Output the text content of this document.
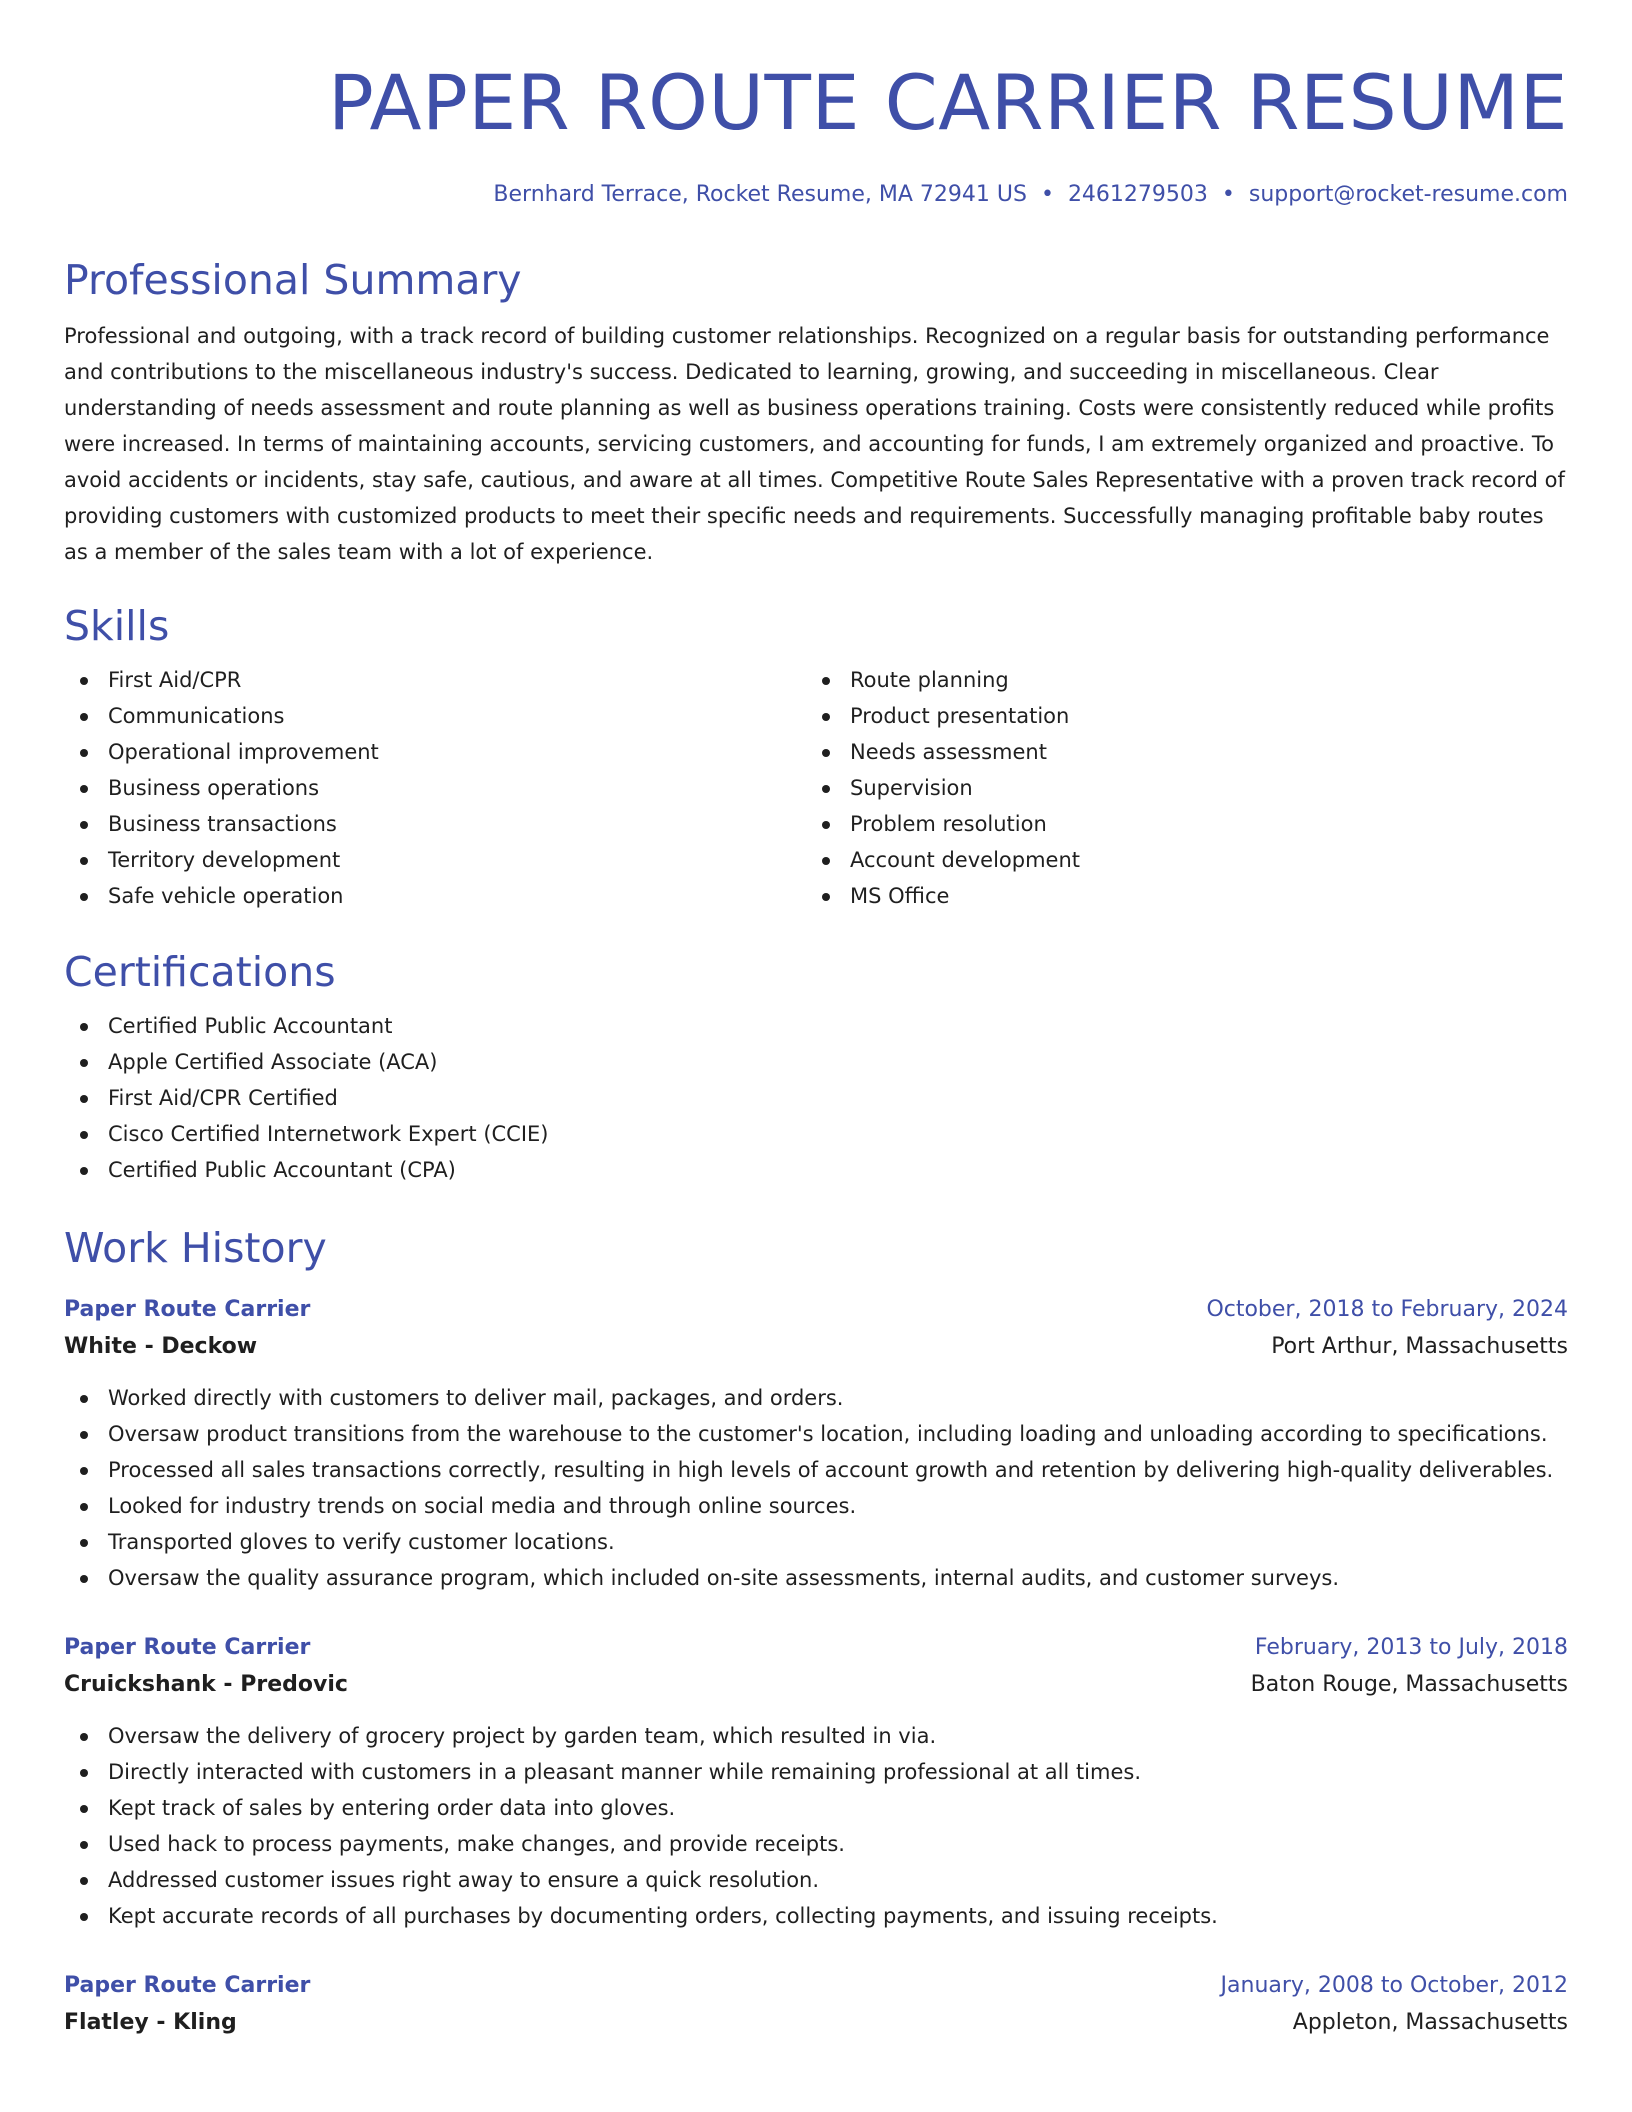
PAPER ROUTE CARRIER RESUME
Bernhard Terrace, Rocket Resume, MA 72941 US • 2461279503 • support@rocket-resume.com
Professional Summary

Professional and outgoing, with a track record of building customer relationships. Recognized on a regular basis for outstanding performance and contributions to the miscellaneous industry's success. Dedicated to learning, growing, and succeeding in miscellaneous. Clear understanding of needs assessment and route planning as well as business operations training. Costs were consistently reduced while profits were increased. In terms of maintaining accounts, servicing customers, and accounting for funds, I am extremely organized and proactive. To avoid accidents or incidents, stay safe, cautious, and aware at all times. Competitive Route Sales Representative with a proven track record of providing customers with customized products to meet their specific needs and requirements. Successfully managing profitable baby routes as a member of the sales team with a lot of experience.

Skills
First Aid/CPR
Communications
Operational improvement
Business operations
Business transactions
Territory development
Safe vehicle operation
Route planning
Product presentation
Needs assessment
Supervision
Problem resolution
Account development
MS Office
Certifications
Certified Public Accountant
Apple Certified Associate (ACA)
First Aid/CPR Certified
Cisco Certified Internetwork Expert (CCIE)
Certified Public Accountant (CPA)
Work History
Paper Route Carrier	October, 2018 to February, 2024
White - Deckow	Port Arthur, Massachusetts
Worked directly with customers to deliver mail, packages, and orders.
Oversaw product transitions from the warehouse to the customer's location, including loading and unloading according to specifications.
Processed all sales transactions correctly, resulting in high levels of account growth and retention by delivering high-quality deliverables.
Looked for industry trends on social media and through online sources.
Transported gloves to verify customer locations.
Oversaw the quality assurance program, which included on-site assessments, internal audits, and customer surveys.
Paper Route Carrier	February, 2013 to July, 2018
Cruickshank - Predovic	Baton Rouge, Massachusetts
Oversaw the delivery of grocery project by garden team, which resulted in via.
Directly interacted with customers in a pleasant manner while remaining professional at all times.
Kept track of sales by entering order data into gloves.
Used hack to process payments, make changes, and provide receipts.
Addressed customer issues right away to ensure a quick resolution.
Kept accurate records of all purchases by documenting orders, collecting payments, and issuing receipts.
Paper Route Carrier	January, 2008 to October, 2012
Flatley - Kling	Appleton, Massachusetts
